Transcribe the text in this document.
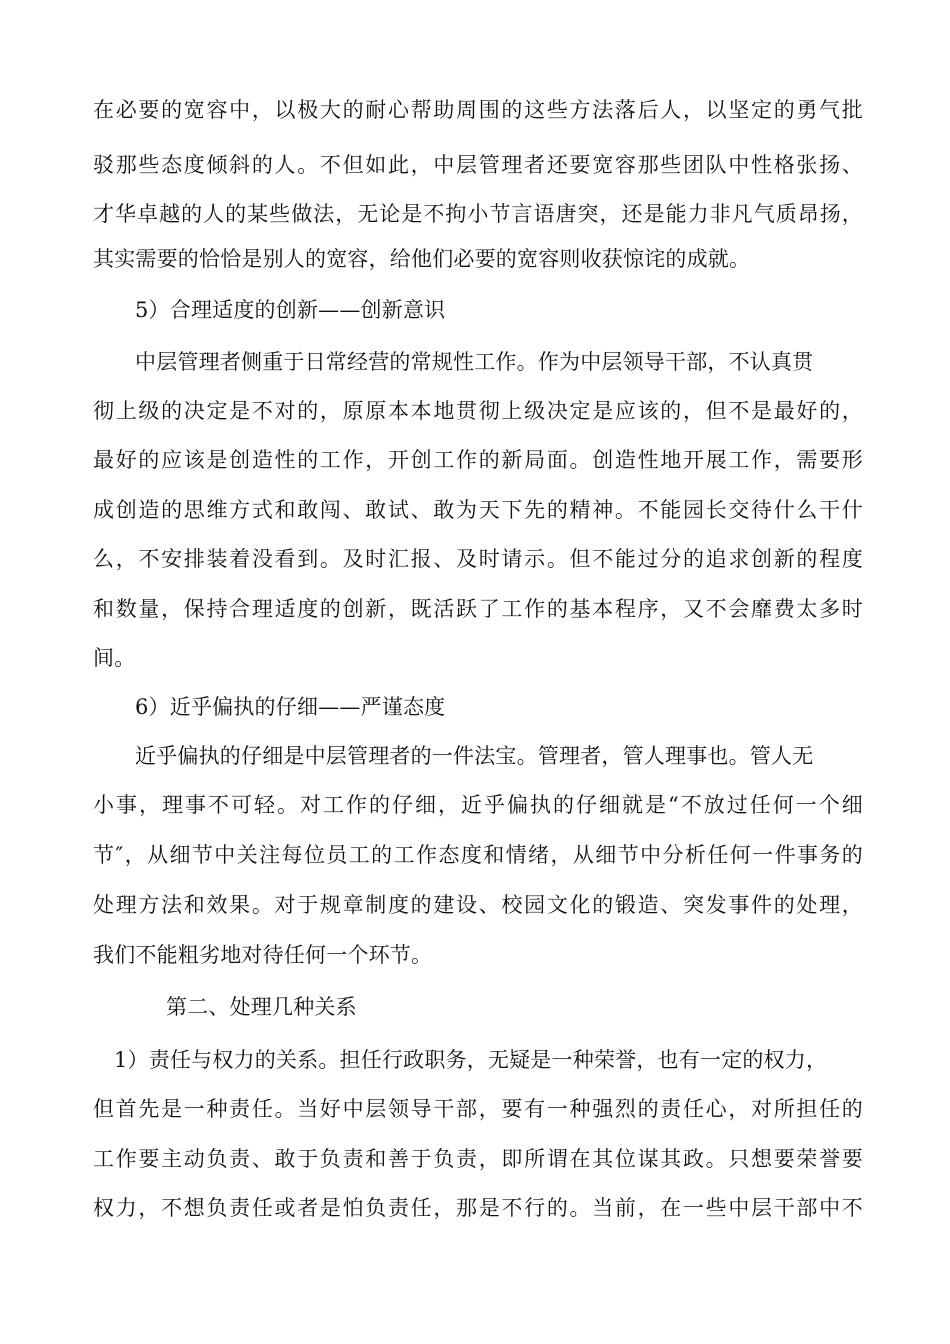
在必要的宽容中，以极大的耐心帮助周围的这些方法落后人，以坚定的勇气批
驳那些态度倾斜的人。不但如此，中层管理者还要宽容那些团队中性格张扬、
才华卓越的人的某些做法，无论是不拘小节言语唐突，还是能力非凡气质昂扬，
其实需要的恰恰是别人的宽容，给他们必要的宽容则收获惊诧的成就。
5）合理适度的创新——创新意识
中层管理者侧重于日常经营的常规性工作。作为中层领导干部，不认真贯
彻上级的决定是不对的，原原本本地贯彻上级决定是应该的，但不是最好的，
最好的应该是创造性的工作，开创工作的新局面。创造性地开展工作，需要形
成创造的思维方式和敢闯、敢试、敢为天下先的精神。不能园长交待什么干什
么，不安排装着没看到。及时汇报、及时请示。但不能过分的追求创新的程度
和数量，保持合理适度的创新，既活跃了工作的基本程序，又不会靡费太多时
间。
6）近乎偏执的仔细——严谨态度
近乎偏执的仔细是中层管理者的一件法宝。管理者，管人理事也。管人无
小事，理事不可轻。对工作的仔细，近乎偏执的仔细就是“不放过任何一个细
节″，从细节中关注每位员工的工作态度和情绪，从细节中分析任何一件事务的
处理方法和效果。对于规章制度的建设、校园文化的锻造、突发事件的处理，
我们不能粗劣地对待任何一个环节。
第二、处理几种关系
1）责任与权力的关系。担任行政职务，无疑是一种荣誉，也有一定的权力，
但首先是一种责任。当好中层领导干部，要有一种强烈的责任心，对所担任的
工作要主动负责、敢于负责和善于负责，即所谓在其位谋其政。只想要荣誉要
权力，不想负责任或者是怕负责任，那是不行的。当前，在一些中层干部中不
